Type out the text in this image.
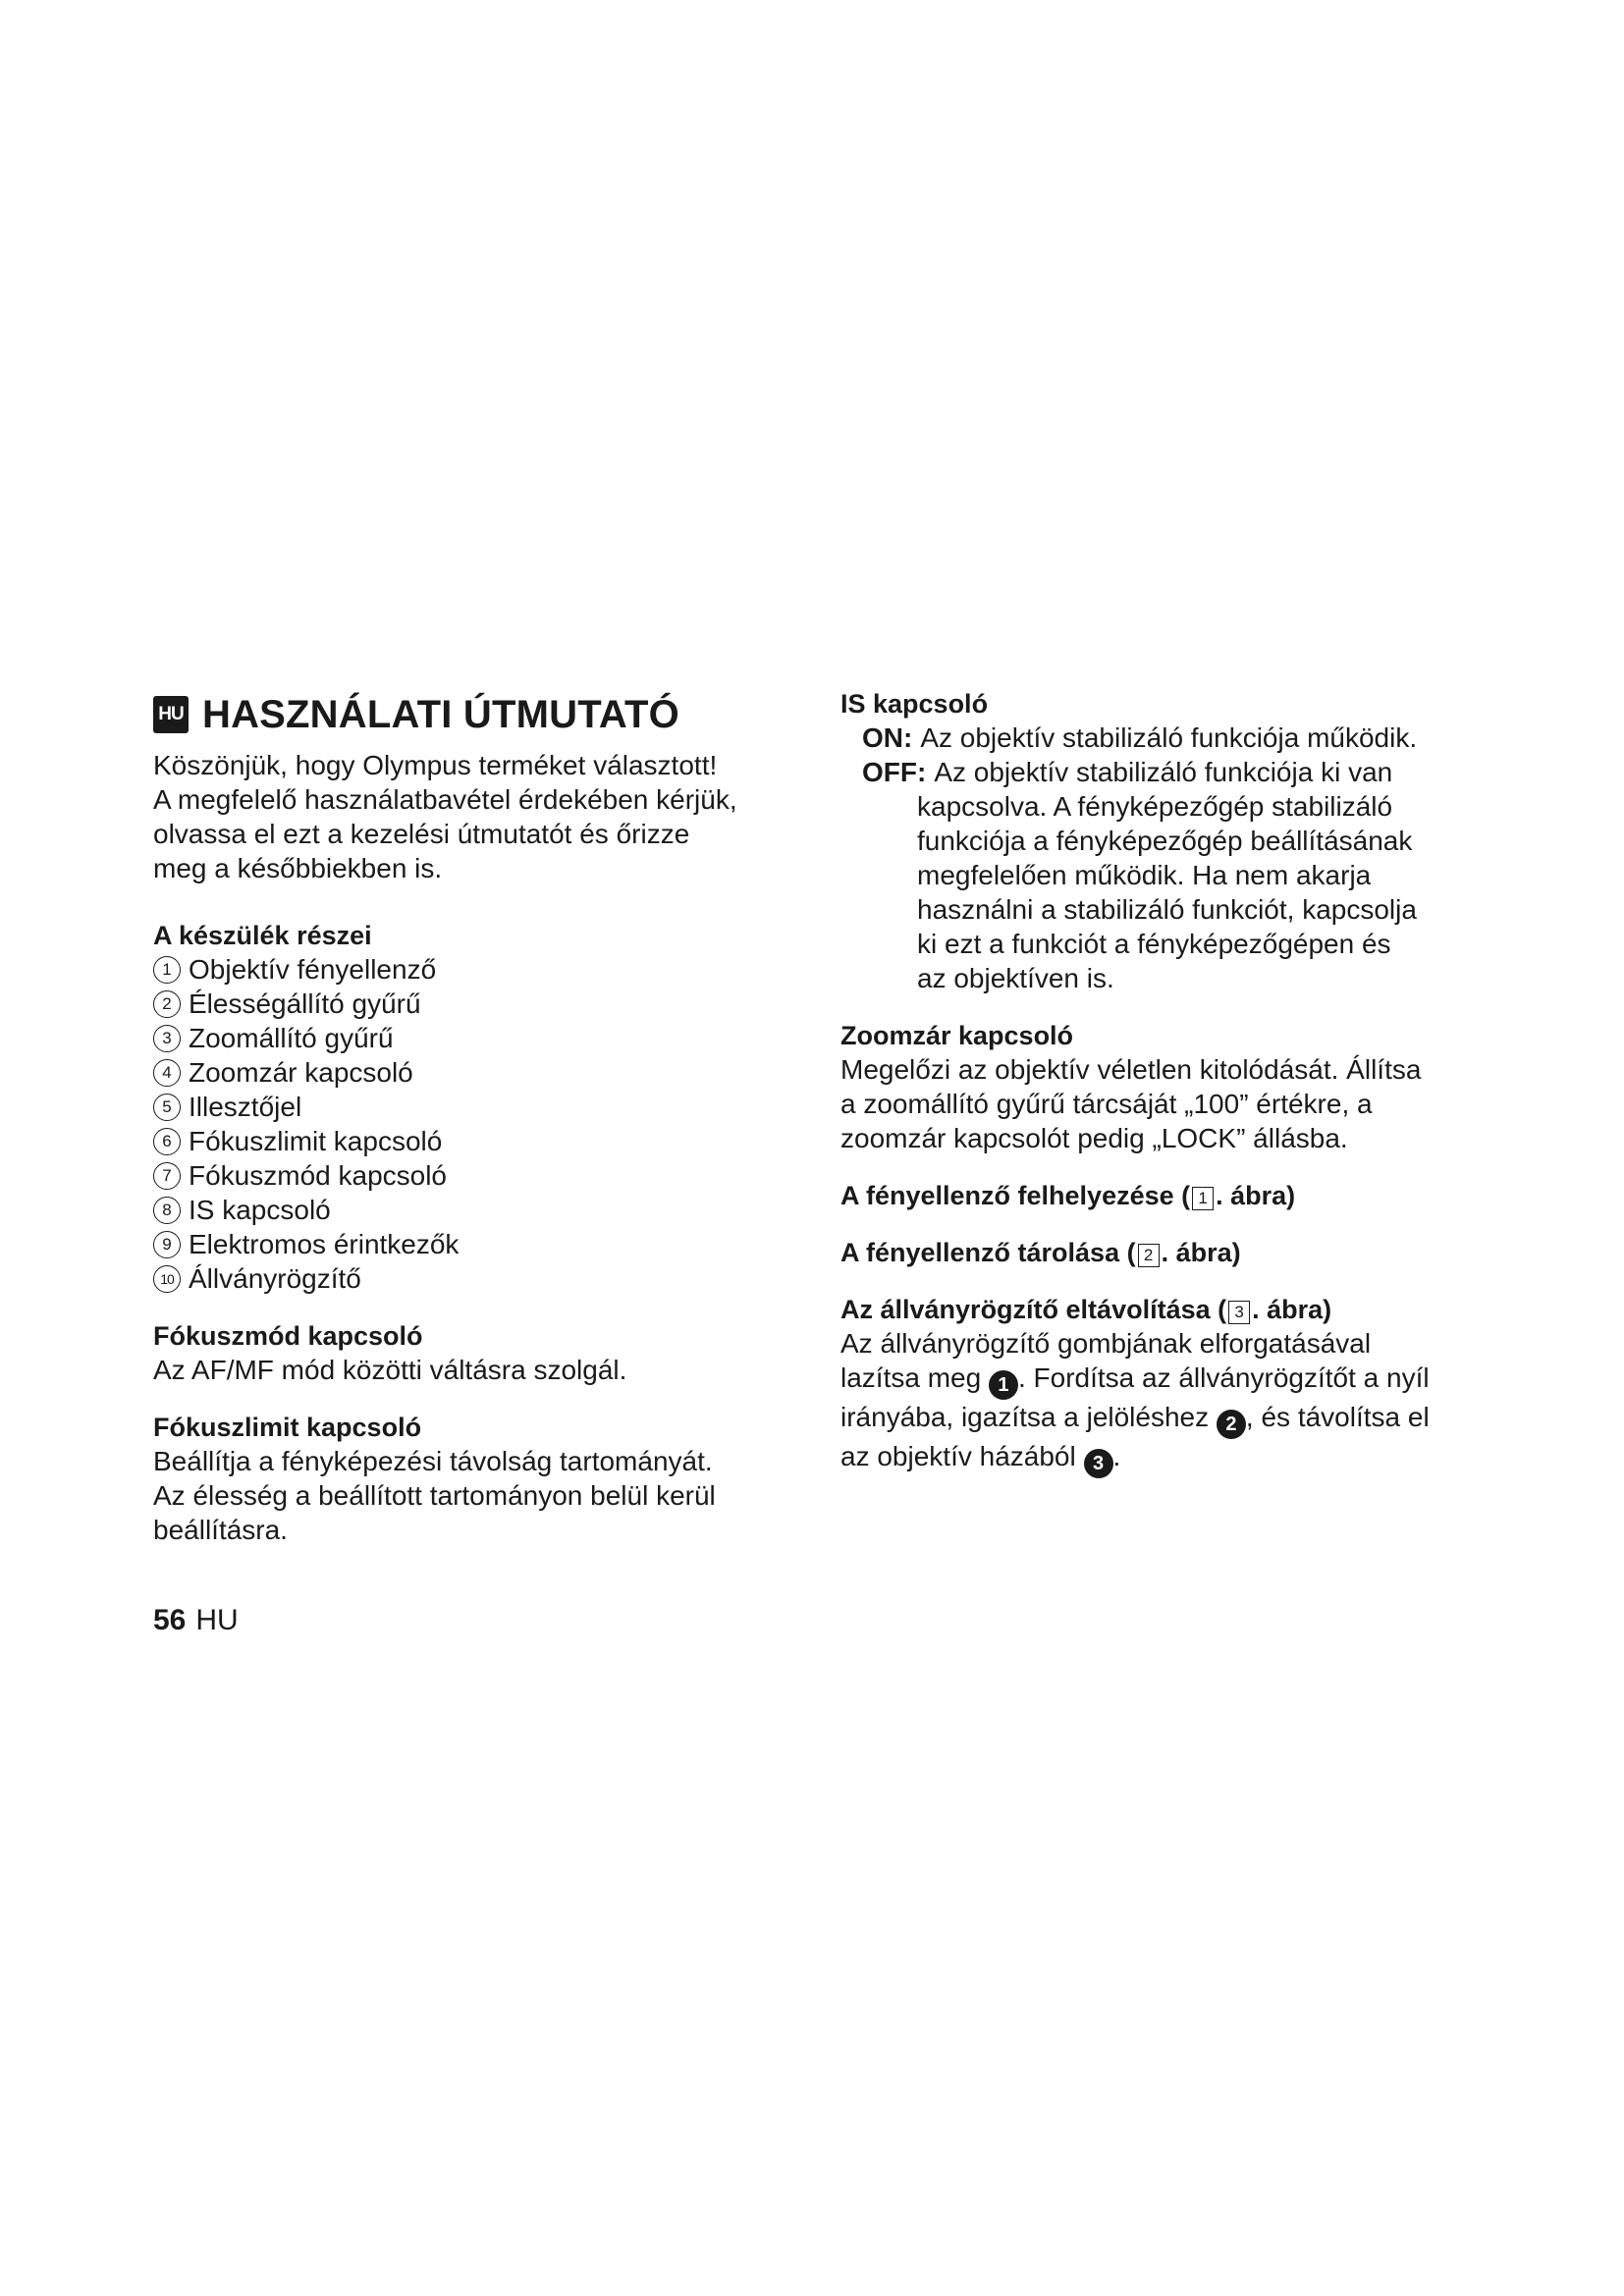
HU HASZNÁLATI ÚTMUTATÓ

Köszönjük, hogy Olympus terméket választott!

A megfelelő használatbavétel érdekében kérjük,

olvassa el ezt a kezelési útmutatót és őrizze

meg a későbbiekben is.

A készülék részei

1 Objektív fényellenző
2 Élességállító gyűrű
3 Zoomállító gyűrű
4 Zoomzár kapcsoló
5 Illesztőjel
6 Fókuszlimit kapcsoló
7 Fókuszmód kapcsoló
8 IS kapcsoló
9 Elektromos érintkezők
10 Állványrögzítő

Fókuszmód kapcsoló

Az AF/MF mód közötti váltásra szolgál.

Fókuszlimit kapcsoló

Beállítja a fényképezési távolság tartományát.

Az élesség a beállított tartományon belül kerül

beállításra.

IS kapcsoló

ON: Az objektív stabilizáló funkciója működik.
OFF: Az objektív stabilizáló funkciója ki van
kapcsolva. A fényképezőgép stabilizáló
funkciója a fényképezőgép beállításának
megfelelően működik. Ha nem akarja
használni a stabilizáló funkciót, kapcsolja
ki ezt a funkciót a fényképezőgépen és
az objektíven is.

Zoomzár kapcsoló

Megelőzi az objektív véletlen kitolódását. Állítsa

a zoomállító gyűrű tárcsáját „100” értékre, a

zoomzár kapcsolót pedig „LOCK” állásba.

A fényellenző felhelyezése ( 1 . ábra)

A fényellenző tárolása ( 2 . ábra)

Az állványrögzítő eltávolítása ( 3 . ábra)

Az állványrögzítő gombjának elforgatásával

lazítsa meg 1 . Fordítsa az állványrögzítőt a nyíl

irányába, igazítsa a jelöléshez 2 , és távolítsa el

az objektív házából 3 .

56 HU
